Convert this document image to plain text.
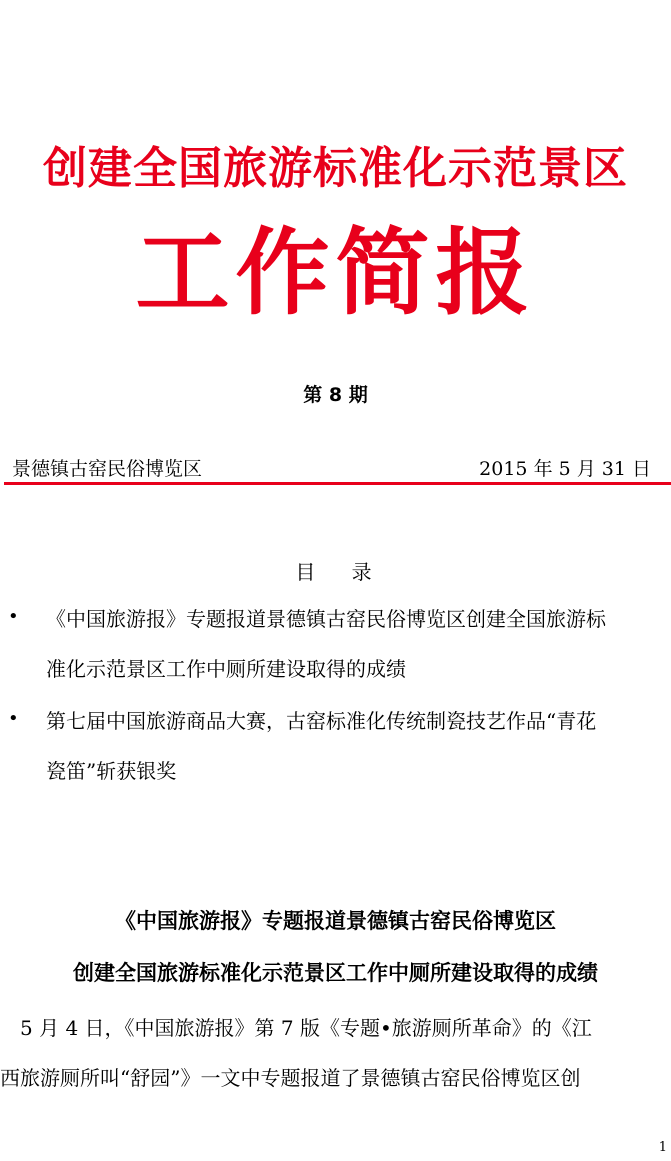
创建全国旅游标准化示范景区
工作简报
第 8 期
景德镇古窑民俗博览区	2015 年 5 月 31 日
目 录
• 《中国旅游报》专题报道景德镇古窑民俗博览区创建全国旅游标
准化示范景区工作中厕所建设取得的成绩
• 第七届中国旅游商品大赛，古窑标准化传统制瓷技艺作品“青花
瓷笛”斩获银奖
《中国旅游报》专题报道景德镇古窑民俗博览区
创建全国旅游标准化示范景区工作中厕所建设取得的成绩
　5 月 4 日，《中国旅游报》第 7 版《专题•旅游厕所革命》的《江
西旅游厕所叫“舒园”》一文中专题报道了景德镇古窑民俗博览区创
1
